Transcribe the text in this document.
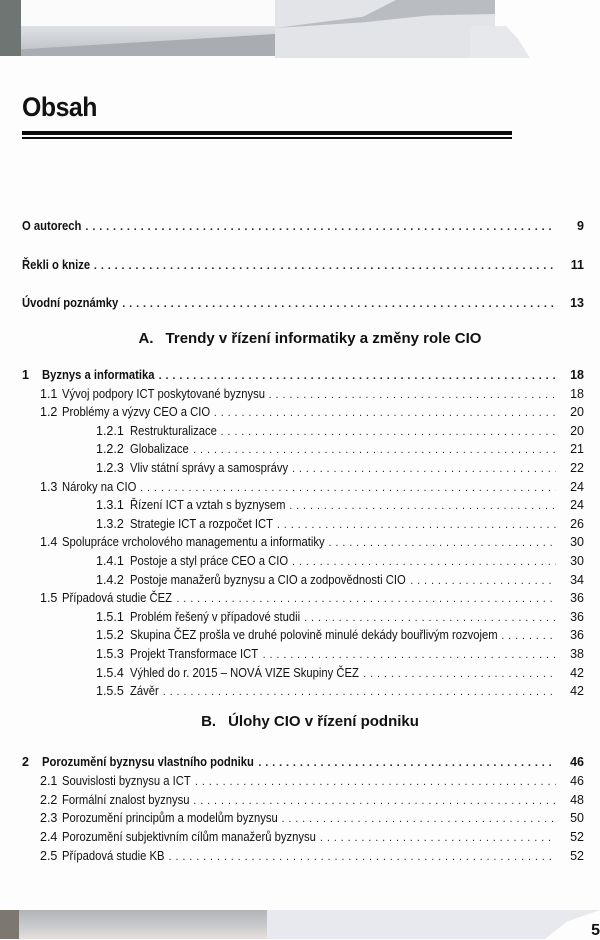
Obsah
O autorech . . .	9
Řekli o knize . . .	11
Úvodní poznámky . . .	13
A. Trendy v řízení informatiky a změny role CIO
1 Byznys a informatika . . .	18
1.1 Vývoj podpory ICT poskytované byznysu . . .	18
1.2 Problémy a výzvy CEO a CIO . . .	20
1.2.1 Restrukturalizace . . .	20
1.2.2 Globalizace . . .	21
1.2.3 Vliv státní správy a samosprávy . . .	22
1.3 Nároky na CIO . . .	24
1.3.1 Řízení ICT a vztah s byznysem . . .	24
1.3.2 Strategie ICT a rozpočet ICT . . .	26
1.4 Spolupráce vrcholového managementu a informatiky . . .	30
1.4.1 Postoje a styl práce CEO a CIO . . .	30
1.4.2 Postoje manažerů byznysu a CIO a zodpovědnosti CIO . . .	34
1.5 Případová studie ČEZ . . .	36
1.5.1 Problém řešený v případové studii . . .	36
1.5.2 Skupina ČEZ prošla ve druhé polovině minulé dekády bouřlivým rozvojem . . .	36
1.5.3 Projekt Transformace ICT . . .	38
1.5.4 Výhled do r. 2015 – NOVÁ VIZE Skupiny ČEZ . . .	42
1.5.5 Závěr . . .	42
B. Úlohy CIO v řízení podniku
2 Porozumění byznysu vlastního podniku . . .	46
2.1 Souvislosti byznysu a ICT . . .	46
2.2 Formální znalost byznysu . . .	48
2.3 Porozumění principům a modelům byznysu . . .	50
2.4 Porozumění subjektivním cílům manažerů byznysu . . .	52
2.5 Případová studie KB . . .	52
5
